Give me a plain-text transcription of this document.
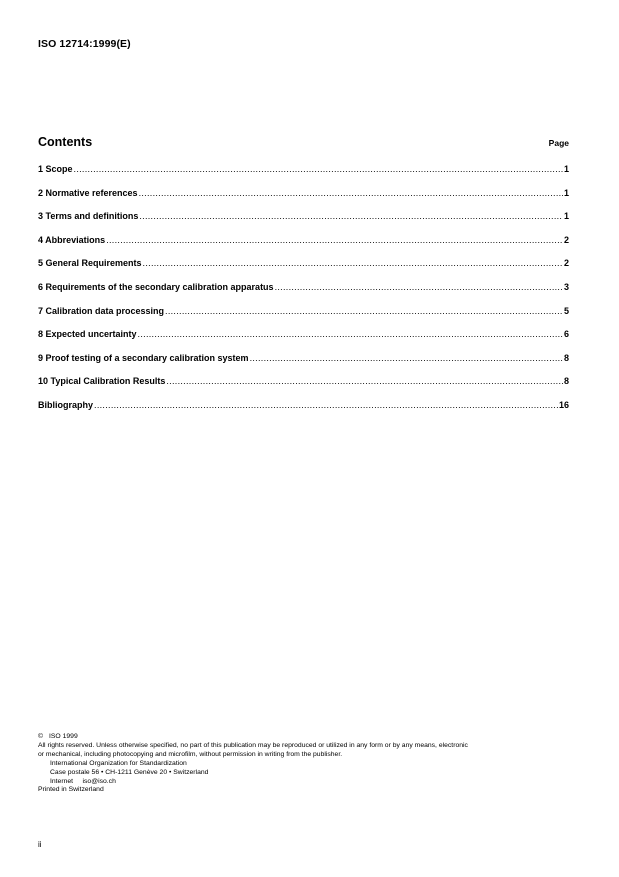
ISO 12714:1999(E)
Contents	Page
1 Scope .....	1
2 Normative references .....	1
3 Terms and definitions .....	1
4 Abbreviations .....	2
5 General Requirements .....	2
6 Requirements of the secondary calibration apparatus .....	3
7 Calibration data processing .....	5
8 Expected uncertainty .....	6
9 Proof testing of a secondary calibration system .....	8
10 Typical Calibration Results .....	8
Bibliography .....	16

© ISO 1999

All rights reserved. Unless otherwise specified, no part of this publication may be reproduced or utilized in any form or by any means, electronic

or mechanical, including photocopying and microfilm, without permission in writing from the publisher.

International Organization for Standardization

Case postale 56 • CH-1211 Genève 20 • Switzerland

Internet iso@iso.ch

Printed in Switzerland

ii
